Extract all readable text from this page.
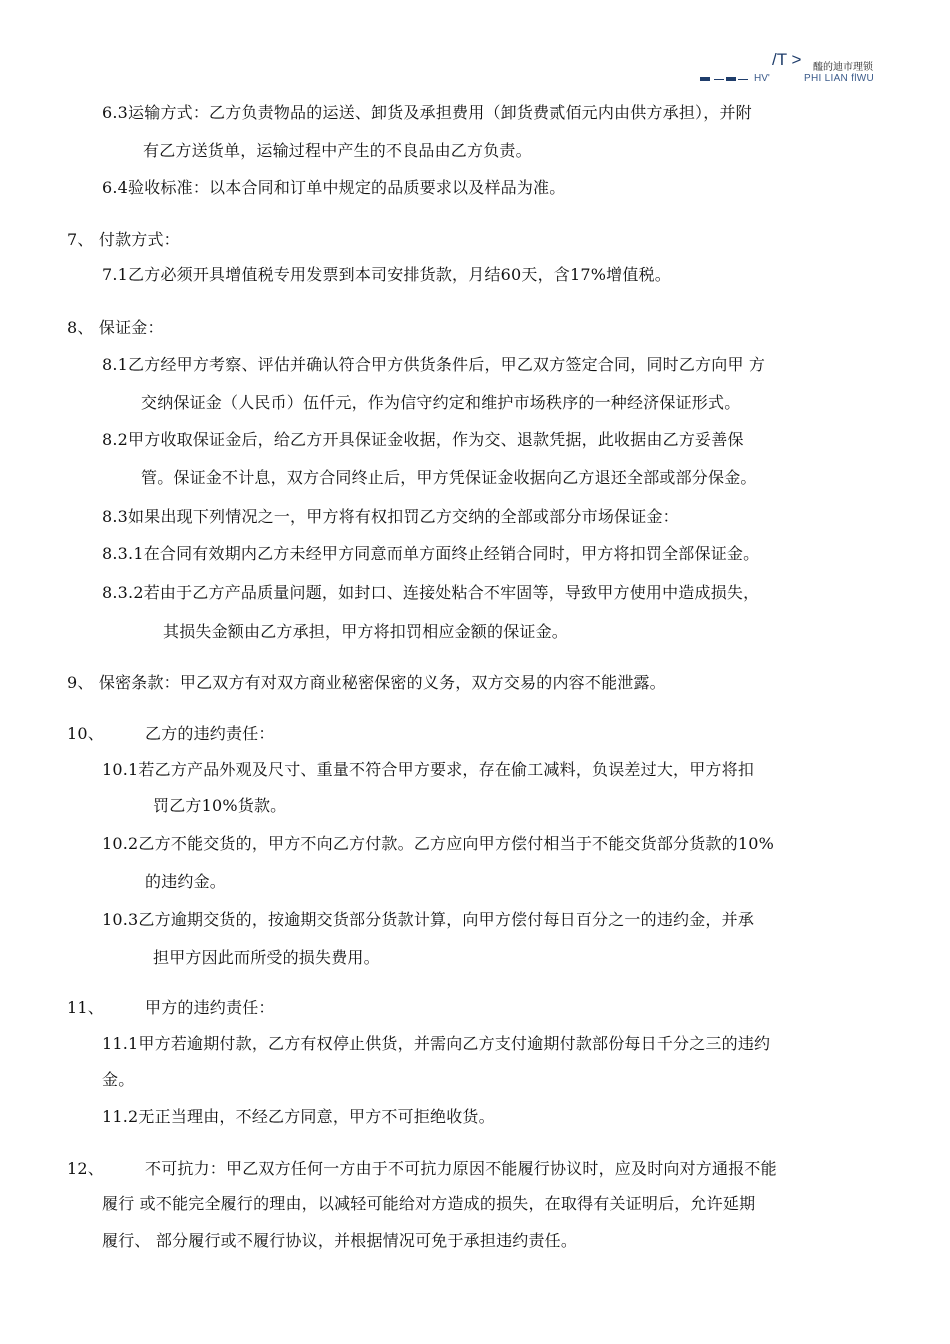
/T > 醯的迪市理锁
HV'	PHI LIAN flWU
6.3运输方式：乙方负责物品的运送、卸货及承担费用（卸货费贰佰元内由供方承担），并附
有乙方送货单，运输过程中产生的不良品由乙方负责。
6.4验收标准：以本合同和订单中规定的品质要求以及样品为准。
7、 付款方式：
7.1乙方必须开具增值税专用发票到本司安排货款，月结60天，含17%增值税。
8、 保证金：
8.1乙方经甲方考察、评估并确认符合甲方供货条件后，甲乙双方签定合同，同时乙方向甲 方
交纳保证金（人民币）伍仟元，作为信守约定和维护市场秩序的一种经济保证形式。
8.2甲方收取保证金后，给乙方开具保证金收据，作为交、退款凭据，此收据由乙方妥善保
管。保证金不计息，双方合同终止后，甲方凭保证金收据向乙方退还全部或部分保金。
8.3如果出现下列情况之一，甲方将有权扣罚乙方交纳的全部或部分市场保证金：
8.3.1在合同有效期内乙方未经甲方同意而单方面终止经销合同时，甲方将扣罚全部保证金。
8.3.2若由于乙方产品质量问题，如封口、连接处粘合不牢固等，导致甲方使用中造成损失，
其损失金额由乙方承担，甲方将扣罚相应金额的保证金。
9、 保密条款：甲乙双方有对双方商业秘密保密的义务，双方交易的内容不能泄露。
10、	乙方的违约责任：
10.1若乙方产品外观及尺寸、重量不符合甲方要求，存在偷工减料，负误差过大，甲方将扣
罚乙方10%货款。
10.2乙方不能交货的，甲方不向乙方付款。乙方应向甲方偿付相当于不能交货部分货款的10%
的违约金。
10.3乙方逾期交货的，按逾期交货部分货款计算，向甲方偿付每日百分之一的违约金，并承
担甲方因此而所受的损失费用。
11、	甲方的违约责任：
11.1甲方若逾期付款，乙方有权停止供货，并需向乙方支付逾期付款部份每日千分之三的违约
金。
11.2无正当理由，不经乙方同意，甲方不可拒绝收货。
12、	不可抗力：甲乙双方任何一方由于不可抗力原因不能履行协议时，应及时向对方通报不能
履行 或不能完全履行的理由，以减轻可能给对方造成的损失，在取得有关证明后，允许延期
履行、 部分履行或不履行协议，并根据情况可免于承担违约责任。
